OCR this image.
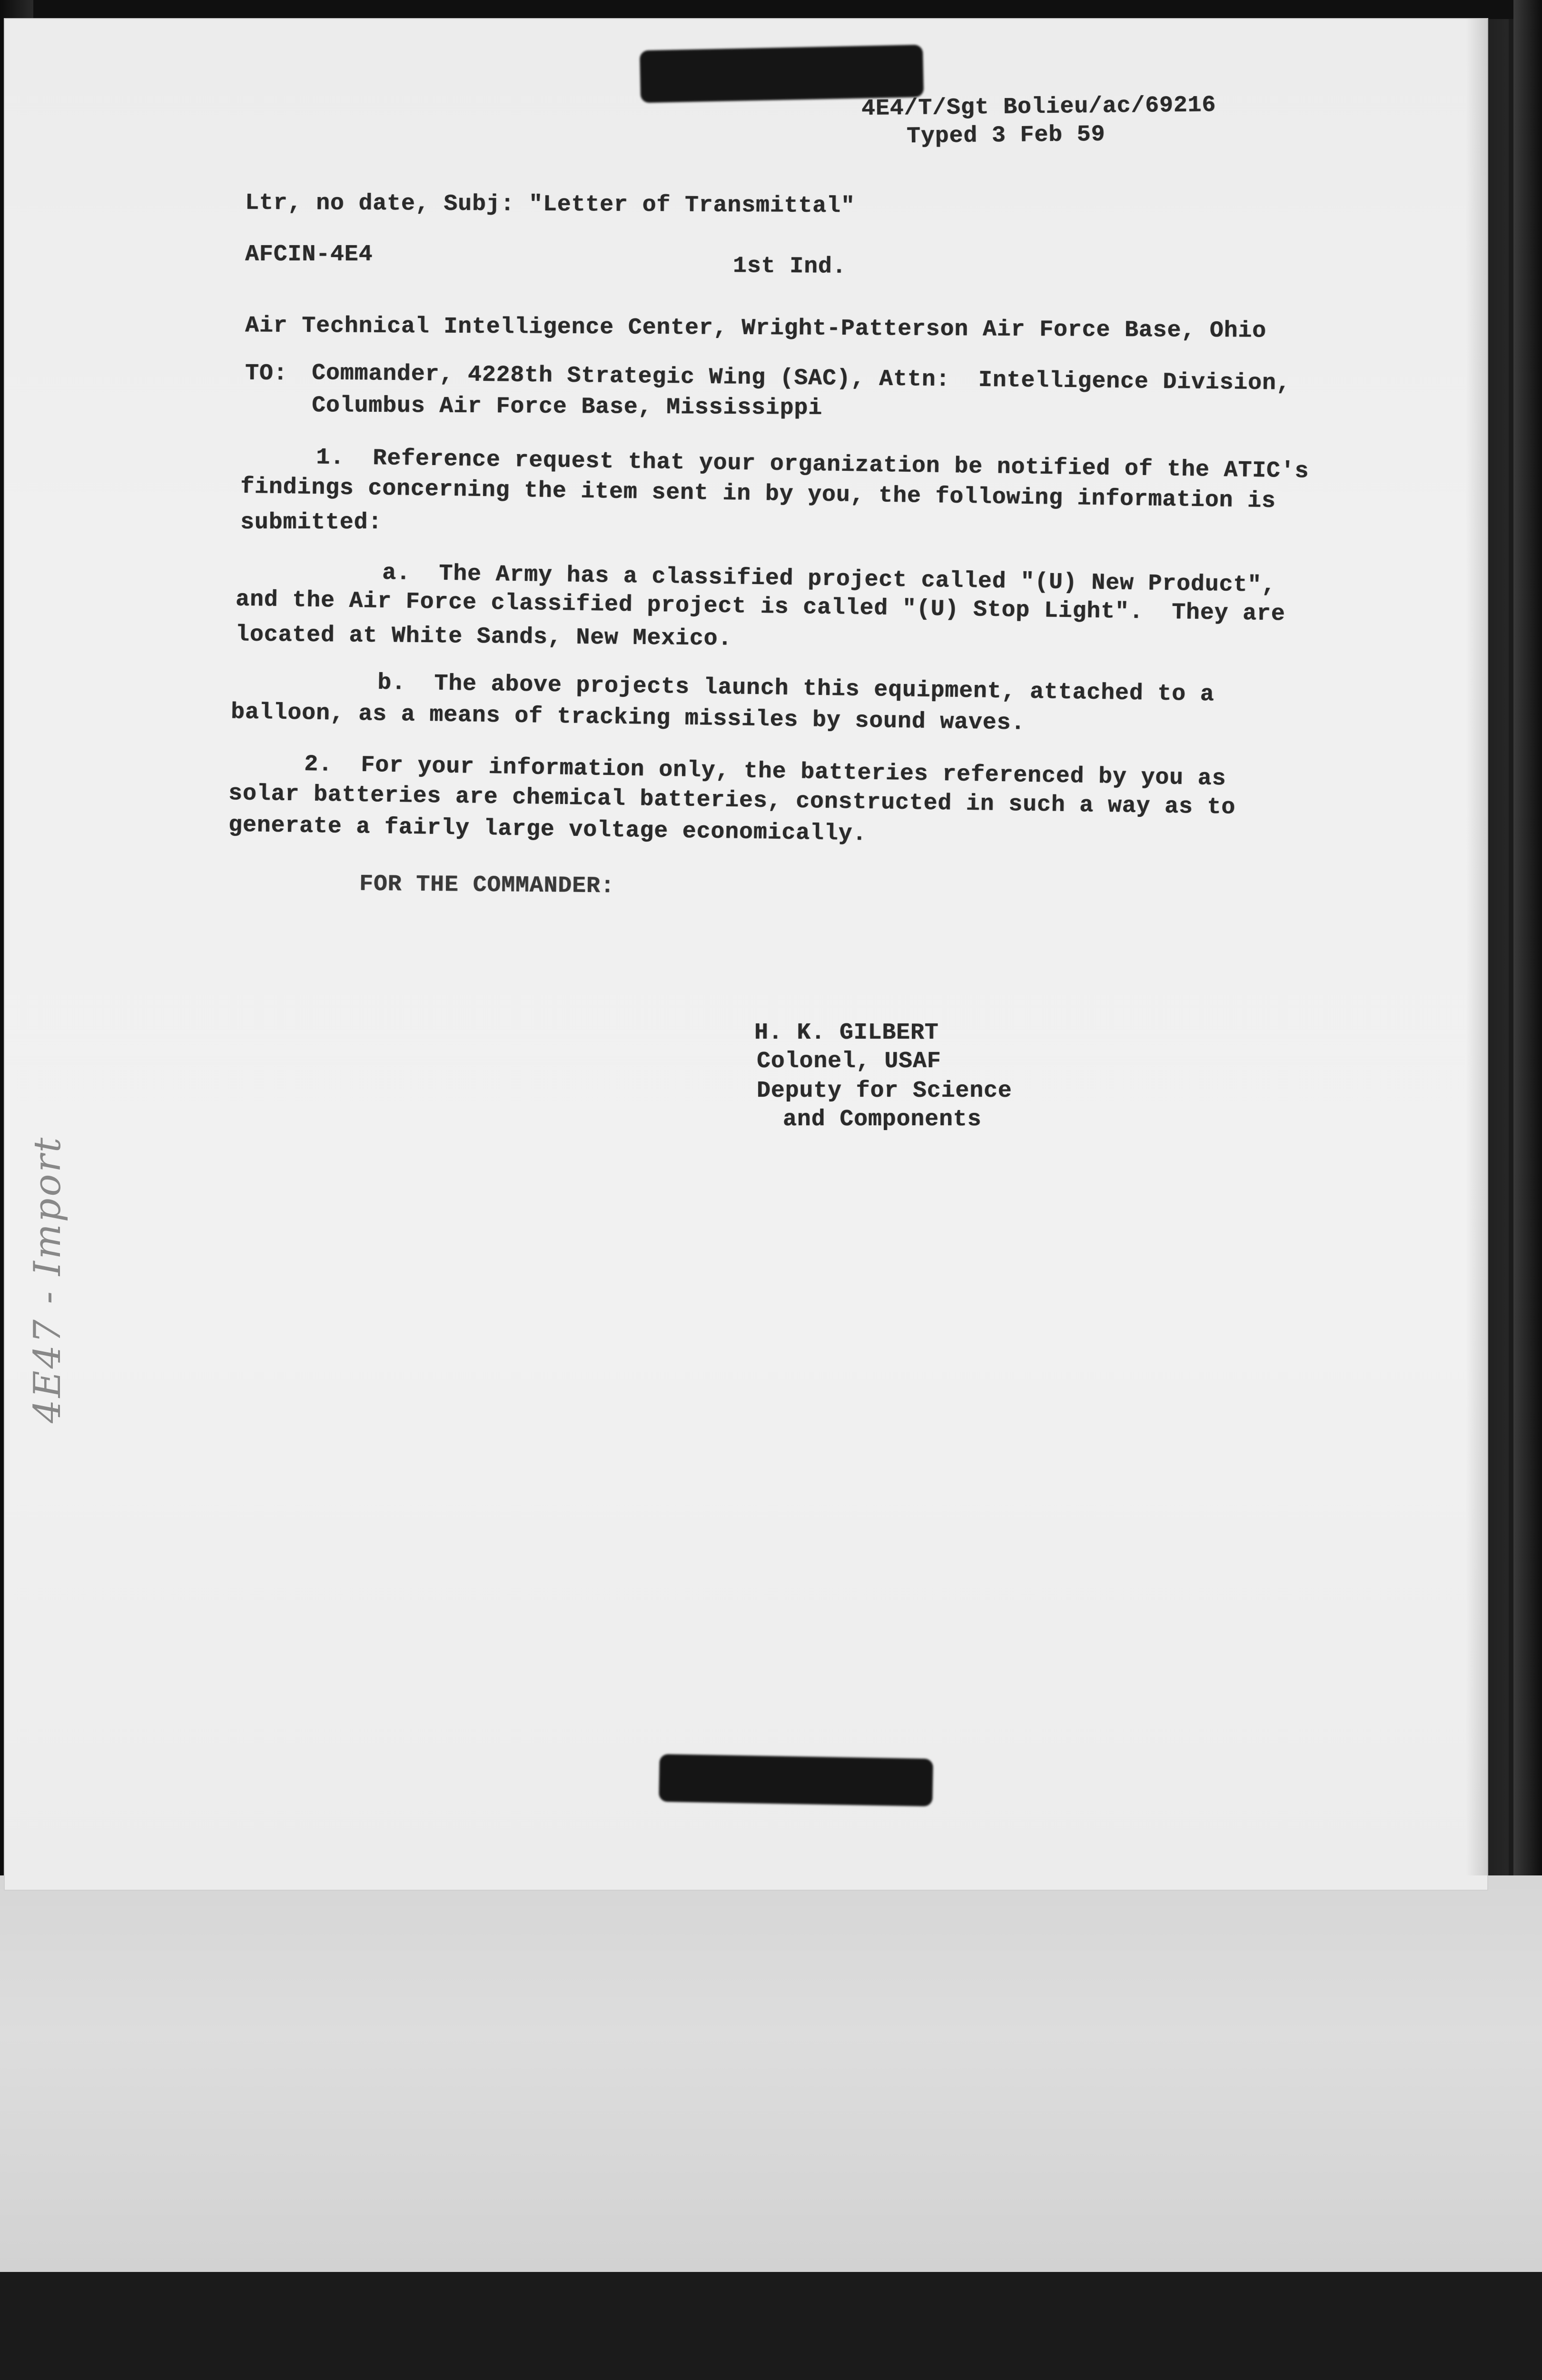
4E4/T/Sgt Bolieu/ac/69216
Typed 3 Feb 59
Ltr, no date, Subj: "Letter of Transmittal"
AFCIN-4E4	1st Ind.
Air Technical Intelligence Center, Wright-Patterson Air Force Base, Ohio
TO: Commander, 4228th Strategic Wing (SAC), Attn:  Intelligence Division,
Columbus Air Force Base, Mississippi
1.  Reference request that your organization be notified of the ATIC's
findings concerning the item sent in by you, the following information is
submitted:
a.  The Army has a classified project called "(U) New Product",
and the Air Force classified project is called "(U) Stop Light".  They are
located at White Sands, New Mexico.
b.  The above projects launch this equipment, attached to a
balloon, as a means of tracking missiles by sound waves.
2.  For your information only, the batteries referenced by you as
solar batteries are chemical batteries, constructed in such a way as to
generate a fairly large voltage economically.
FOR THE COMMANDER:
H. K. GILBERT
Colonel, USAF
Deputy for Science
and Components
4E47 - Import
